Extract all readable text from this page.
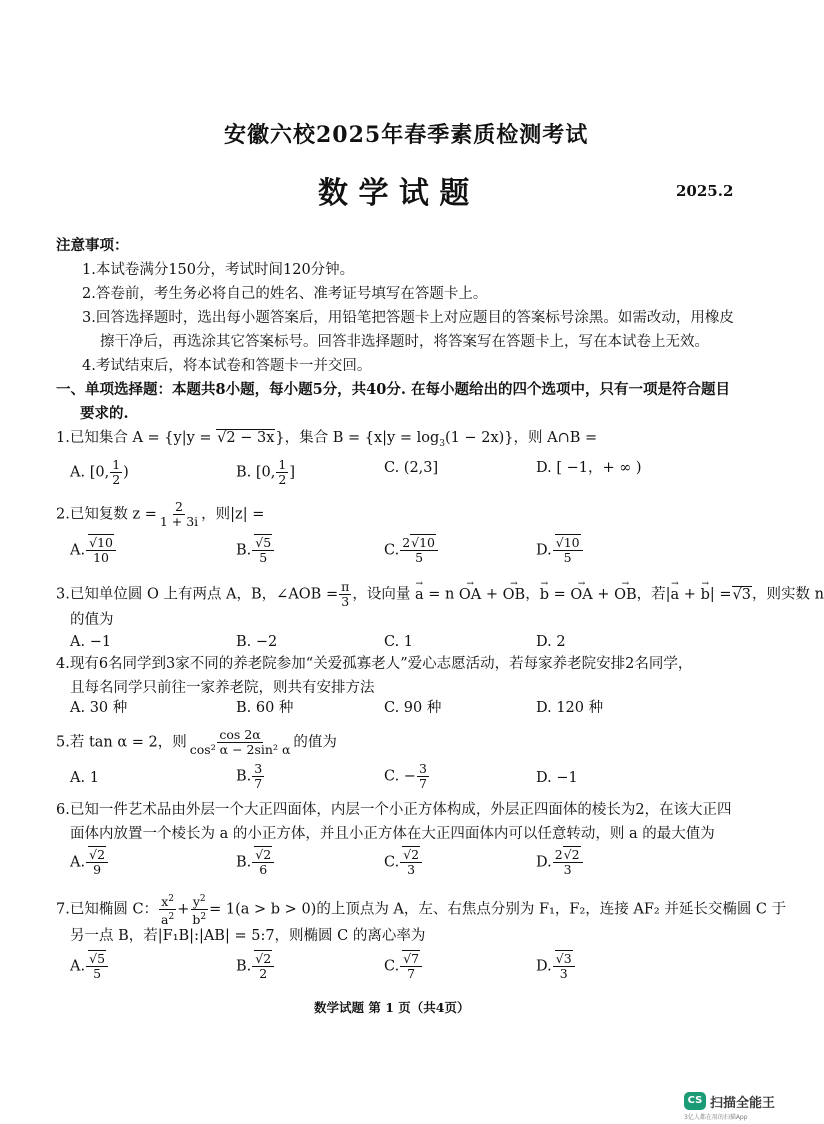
安徽六校2025年春季素质检测考试
数 学 试 题	2025.2
注意事项：
1.本试卷满分150分，考试时间120分钟。
2.答卷前，考生务必将自己的姓名、准考证号填写在答题卡上。
3.回答选择题时，选出每小题答案后，用铅笔把答题卡上对应题目的答案标号涂黑。如需改动，用橡皮
擦干净后，再选涂其它答案标号。回答非选择题时，将答案写在答题卡上，写在本试卷上无效。
4.考试结束后，将本试卷和答题卡一并交回。
一、单项选择题：本题共8小题，每小题5分，共40分. 在每小题给出的四个选项中，只有一项是符合题目
要求的.
1.已知集合 A = {y|y = √ 2 − 3x}，集合 $B = \{x|y = \log_3(1 - 2x)\}$，则 A∩B =
A. [0, $\frac{1}{2}$ )	B. [0, $\frac{1}{2}$ ]	C. (2,3]	D. [ −1，+ ∞ )
2.已知复数 $z = \frac{2}{1 + 3i}$ ，则|z| =
A. √ $\frac{10}{10}$	B. √ $\frac{5}{5}$	C. $\frac{2 √ 10}{5}$	D. √ $\frac{10}{5}$
3.已知单位圆 O 上有两点 A，B，∠AOB = $\frac{\pi}{3}$ ，设向量 a → = n OA → + OB →，b → = OA → + OB →，若|a → + b →| = √ 3，则实数 n
的值为
A. −1	B. −2	C. 1	D. 2
4.现有6名同学到3家不同的养老院参加“关爱孤寡老人”爱心志愿活动，若每家养老院安排2名同学，
且每名同学只前往一家养老院，则共有安排方法
A. 30 种	B. 60 种	C. 90 种	D. 120 种
5.若 tan α = 2，则 $\frac{\cos 2\alpha}{\text{cos² α − 2sin² α}}$ 的值为
A. 1	B. $\frac{3}{7}$	C. − $\frac{3}{7}$	D. −1
6.已知一件艺术品由外层一个大正四面体，内层一个小正方体构成，外层正四面体的棱长为2，在该大正四
面体内放置一个棱长为 a 的小正方体，并且小正方体在大正四面体内可以任意转动，则 a 的最大值为
A. √ $\frac{2}{9}$	B. √ $\frac{2}{6}$	C. √ $\frac{2}{3}$	D. $\frac{2 √ 2}{3}$
7.已知椭圆 C： $\frac{x^2}{a^2} + \frac{y^2}{b^2} = 1(a > b > 0)$的上顶点为 A，左、右焦点分别为 F₁，F₂，连接 AF₂ 并延长交椭圆 C 于
另一点 B，若|F₁B|:|AB| = 5:7，则椭圆 C 的离心率为
A. √ $\frac{5}{5}$	B. √ $\frac{2}{2}$	C. √ $\frac{7}{7}$	D. √ $\frac{3}{3}$
数学试题 第 1 页（共4页）
CS 扫描全能王
3亿人都在用的扫描App
